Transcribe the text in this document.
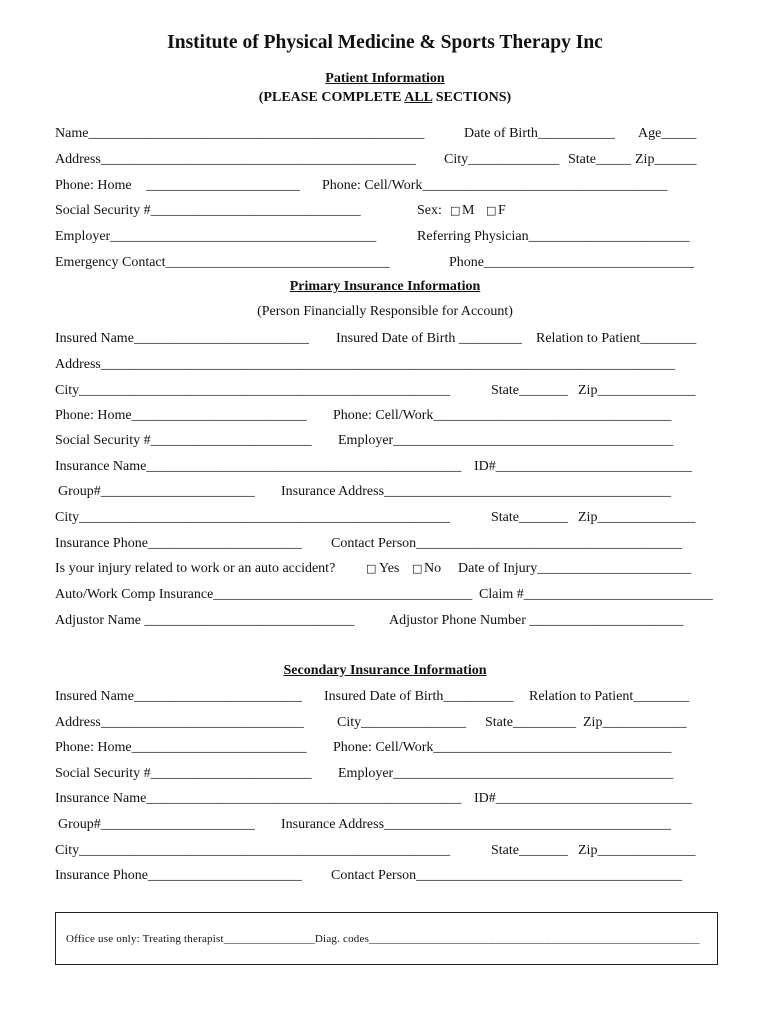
Institute of Physical Medicine & Sports Therapy Inc
Patient Information
(PLEASE COMPLETE ALL SECTIONS)
Name________________________________________________	Date of Birth___________ Age_____
Address_____________________________________________ City_____________ State_____ Zip______
Phone: Home ______________________ Phone: Cell/Work___________________________________
Social Security #______________________________	Sex: □ M □ F
Employer______________________________________	Referring Physician_______________________
Emergency Contact________________________________	Phone______________________________
Primary Insurance Information
(Person Financially Responsible for Account)
Insured Name_________________________ Insured Date of Birth _________ Relation to Patient________
Address__________________________________________________________________________________
City_____________________________________________________	State_______ Zip______________
Phone: Home_________________________ Phone: Cell/Work__________________________________
Social Security #_______________________ Employer________________________________________
Insurance Name_____________________________________________ ID#____________________________
Group#______________________ Insurance Address_________________________________________
City_____________________________________________________	State_______ Zip______________
Insurance Phone______________________ Contact Person______________________________________
Is your injury related to work or an auto accident?	□ Yes □ No Date of Injury______________________
Auto/Work Comp Insurance_____________________________________ Claim #___________________________
Adjustor Name ______________________________ Adjustor Phone Number ______________________
Secondary Insurance Information
Insured Name________________________ Insured Date of Birth__________ Relation to Patient________
Address_____________________________ City_______________ State_________ Zip____________
Phone: Home_________________________ Phone: Cell/Work__________________________________
Social Security #_______________________ Employer________________________________________
Insurance Name_____________________________________________ ID#____________________________
Group#______________________ Insurance Address_________________________________________
City_____________________________________________________	State_______ Zip______________
Insurance Phone______________________ Contact Person______________________________________
Office use only: Treating therapist________________Diag. codes__________________________________________________________
